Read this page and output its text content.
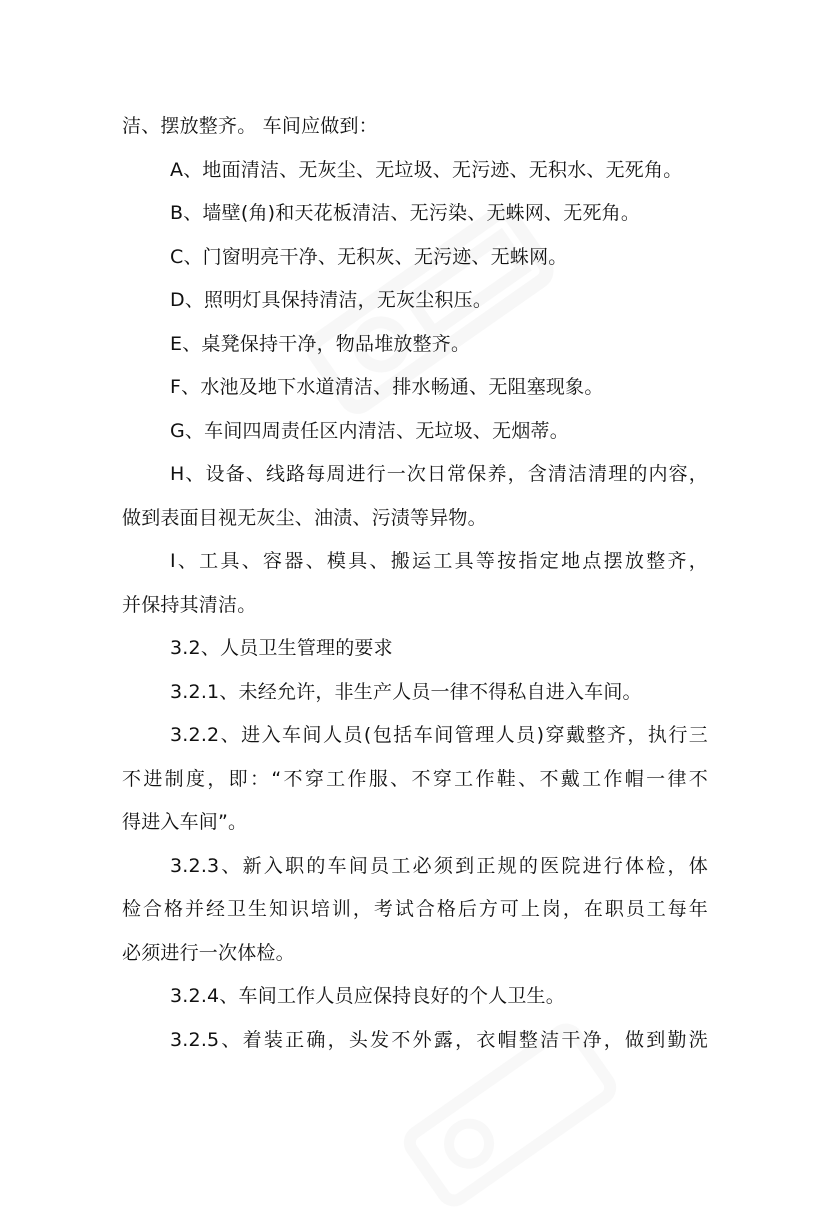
洁、摆放整齐。 车间应做到：
A、地面清洁、无灰尘、无垃圾、无污迹、无积水、无死角。
B、墙壁(角)和天花板清洁、无污染、无蛛网、无死角。
C、门窗明亮干净、无积灰、无污迹、无蛛网。
D、照明灯具保持清洁，无灰尘积压。
E、桌凳保持干净，物品堆放整齐。
F、水池及地下水道清洁、排水畅通、无阻塞现象。
G、车间四周责任区内清洁、无垃圾、无烟蒂。
H、设备、线路每周进行一次日常保养，含清洁清理的内容，
做到表面目视无灰尘、油渍、污渍等异物。
I、工具、容器、模具、搬运工具等按指定地点摆放整齐，
并保持其清洁。
3.2、人员卫生管理的要求
3.2.1、未经允许，非生产人员一律不得私自进入车间。
3.2.2、进入车间人员(包括车间管理人员)穿戴整齐，执行三
不进制度，即：“不穿工作服、不穿工作鞋、不戴工作帽一律不
得进入车间”。
3.2.3、新入职的车间员工必须到正规的医院进行体检，体
检合格并经卫生知识培训，考试合格后方可上岗，在职员工每年
必须进行一次体检。
3.2.4、车间工作人员应保持良好的个人卫生。
3.2.5、着装正确，头发不外露，衣帽整洁干净，做到勤洗
